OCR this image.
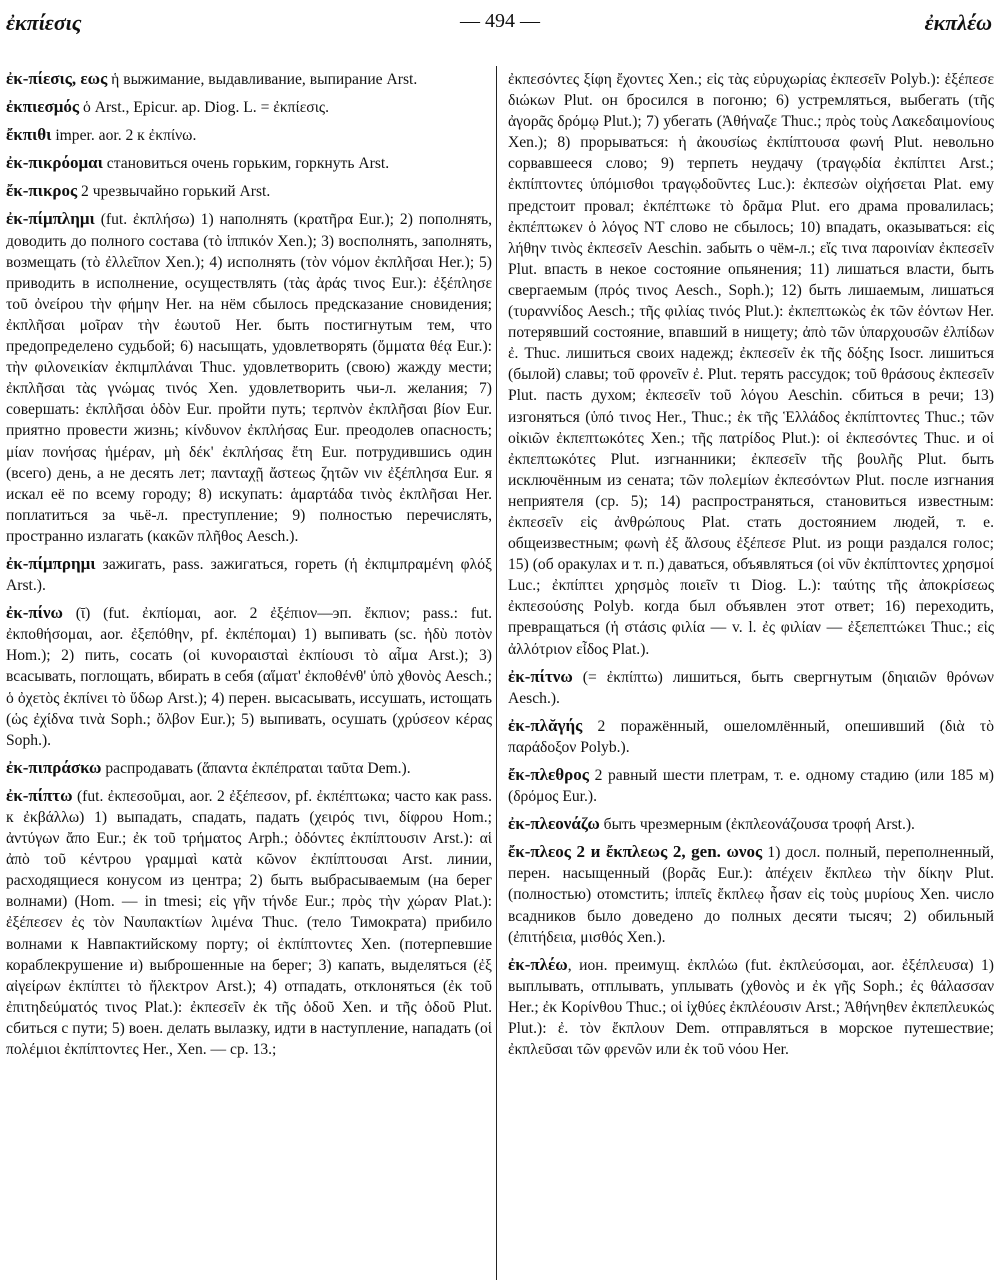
ἐκπίεσις	— 494 —	ἐκπλέω

ἐκ-πίεσις, εως ἡ выжимание, выдавливание, выпирание Arst.

ἐκπιεσμός ὁ Arst., Epicur. ap. Diog. L. = ἐκπίεσις.

ἔκπιθι imper. aor. 2 к ἐκπίνω.

ἐκ-πικρόομαι становиться очень горьким, горкнуть Arst.

ἔκ-πικρος 2 чрезвычайно горький Arst.

ἐκ-πίμπλημι (fut. ἐκπλήσω) 1) наполнять (κρατῆρα Eur.); 2) пополнять, доводить до полного состава (τὸ ἱππικόν Xen.); 3) восполнять, заполнять, возмещать (τὸ ἐλλεῖπον Xen.); 4) исполнять (τὸν νόμον ἐκπλῆσαι Her.); 5) приводить в исполнение, осуществлять (τὰς ἀράς τινος Eur.): ἐξέπλησε τοῦ ὀνείρου τὴν φήμην Her. на нём сбылось предсказание сновидения; ἐκπλῆσαι μοῖραν τὴν ἑωυτοῦ Her. быть постигнутым тем, что предопределено судьбой; 6) насыщать, удовлетворять (ὄμματα θέᾳ Eur.): τὴν φιλονεικίαν ἐκπιμπλάναι Thuc. удовлетворить (свою) жажду мести; ἐκπλῆσαι τὰς γνώμας τινός Xen. удовлетворить чьи-л. желания; 7) совершать: ἐκπλῆσαι ὁδὸν Eur. пройти путь; τερπνὸν ἐκπλῆσαι βίον Eur. приятно провести жизнь; κίνδυνον ἐκπλήσας Eur. преодолев опасность; μίαν πονήσας ἡμέραν, μὴ δέκ' ἐκπλήσας ἔτη Eur. потрудившись один (всего) день, а не десять лет; πανταχῇ ἄστεως ζητῶν νιν ἐξέπλησα Eur. я искал её по всему городу; 8) искупать: ἁμαρτάδα τινὸς ἐκπλῆσαι Her. поплатиться за чьё-л. преступление; 9) полностью перечислять, пространно излагать (κακῶν πλῆθος Aesch.).

ἐκ-πίμπρημι зажигать, pass. зажигаться, гореть (ἡ ἐκπιμπραμένη φλόξ Arst.).

ἐκ-πίνω (ῑ) (fut. ἐκπίομαι, aor. 2 ἐξέπιον—эп. ἔκπιον; pass.: fut. ἐκποθήσομαι, aor. ἐξεπόθην, pf. ἐκπέπομαι) 1) выпивать (sc. ἡδὺ ποτὸν Hom.); 2) пить, сосать (οἱ κυνοραισταὶ ἐκπίουσι τὸ αἷμα Arst.); 3) всасывать, поглощать, вбирать в себя (αἵματ' ἐκποθένθ' ὑπὸ χθονὸς Aesch.; ὁ ὀχετὸς ἐκπίνει τὸ ὕδωρ Arst.); 4) перен. высасывать, иссушать, истощать (ὡς ἐχίδνα τινὰ Soph.; ὄλβον Eur.); 5) выпивать, осушать (χρύσεον κέρας Soph.).

ἐκ-πιπράσκω распродавать (ἅπαντα ἐκπέπραται ταῦτα Dem.).

ἐκ-πίπτω (fut. ἐκπεσοῦμαι, aor. 2 ἐξέπεσον, pf. ἐκπέπτωκα; часто как pass. к ἐκβάλλω) 1) выпадать, спадать, падать (χειρός τινι, δίφρου Hom.; ἀντύγων ἄπο Eur.; ἐκ τοῦ τρήματος Arph.; ὀδόντες ἐκπίπτουσιν Arst.): αἱ ἀπὸ τοῦ κέντρου γραμμαὶ κατὰ κῶνον ἐκπίπτουσαι Arst. линии, расходящиеся конусом из центра; 2) быть выбрасываемым (на берег волнами) (Hom. — in tmesi; εἰς γῆν τήνδε Eur.; πρὸς τὴν χώραν Plat.): ἐξέπεσεν ἐς τὸν Ναυπακτίων λιμένα Thuc. (тело Тимократа) прибило волнами к Навпактийскому порту; οἱ ἐκπίπτοντες Xen. (потерпевшие кораблекрушение и) выброшенные на берег; 3) капать, выделяться (ἐξ αἰγείρων ἐκπίπτει τὸ ἤλεκτρον Arst.); 4) отпадать, отклоняться (ἐκ τοῦ ἐπιτηδεύματός τινος Plat.): ἐκπεσεῖν ἐκ τῆς ὁδοῦ Xen. и τῆς ὁδοῦ Plut. сбиться с пути; 5) воен. делать вылазку, идти в наступление, нападать (οἱ πολέμιοι ἐκπίπτοντες Her., Xen. — ср. 13.;

ἐκπεσόντες ξίφη ἔχοντες Xen.; εἰς τὰς εὐρυχωρίας ἐκπεσεῖν Polyb.): ἐξέπεσε διώκων Plut. он бросился в погоню; 6) устремляться, выбегать (τῆς ἀγορᾶς δρόμῳ Plut.); 7) убегать (Ἀθήναζε Thuc.; πρὸς τοὺς Λακεδαιμονίους Xen.); 8) прорываться: ἡ ἀκουσίως ἐκπίπτουσα φωνή Plut. невольно сорвавшееся слово; 9) терпеть неудачу (τραγῳδία ἐκπίπτει Arst.; ἐκπίπτοντες ὑπόμισθοι τραγῳδοῦντες Luc.): ἐκπεσὼν οἰχήσεται Plat. ему предстоит провал; ἐκπέπτωκε τὸ δρᾶμα Plut. его драма провалилась; ἐκπέπτωκεν ὁ λόγος NT слово не сбылось; 10) впадать, оказываться: εἰς λήθην τινὸς ἐκπεσεῖν Aeschin. забыть о чём-л.; εἴς τινα παροινίαν ἐκπεσεῖν Plut. впасть в некое состояние опьянения; 11) лишаться власти, быть свергаемым (πρός τινος Aesch., Soph.); 12) быть лишаемым, лишаться (τυραννίδος Aesch.; τῆς φιλίας τινός Plut.): ἐκπεπτωκὼς ἐκ τῶν ἐόντων Her. потерявший состояние, впавший в нищету; ἀπὸ τῶν ὑπαρχουσῶν ἐλπίδων ἐ. Thuc. лишиться своих надежд; ἐκπεσεῖν ἐκ τῆς δόξης Isocr. лишиться (былой) славы; τοῦ φρονεῖν ἐ. Plut. терять рассудок; τοῦ θράσους ἐκπεσεῖν Plut. пасть духом; ἐκπεσεῖν τοῦ λόγου Aeschin. сбиться в речи; 13) изгоняться (ὑπό τινος Her., Thuc.; ἐκ τῆς Ἑλλάδος ἐκπίπτοντες Thuc.; τῶν οἰκιῶν ἐκπεπτωκότες Xen.; τῆς πατρίδος Plut.): οἱ ἐκπεσόντες Thuc. и οἱ ἐκπεπτωκότες Plut. изгнанники; ἐκπεσεῖν τῆς βουλῆς Plut. быть исключённым из сената; τῶν πολεμίων ἐκπεσόντων Plut. после изгнания неприятеля (ср. 5); 14) распространяться, становиться известным: ἐκπεσεῖν εἰς ἀνθρώπους Plat. стать достоянием людей, т. е. общеизвестным; φωνὴ ἐξ ἄλσους ἐξέπεσε Plut. из рощи раздался голос; 15) (об оракулах и т. п.) даваться, объявляться (οἱ νῦν ἐκπίπτοντες χρησμοί Luc.; ἐκπίπτει χρησμὸς ποιεῖν τι Diog. L.): ταύτης τῆς ἀποκρίσεως ἐκπεσούσης Polyb. когда был объявлен этот ответ; 16) переходить, превращаться (ἡ στάσις φιλία — v. l. ἐς φιλίαν — ἐξεπεπτώκει Thuc.; εἰς ἀλλότριον εἶδος Plat.).

ἐκ-πίτνω (= ἐκπίπτω) лишиться, быть свергнутым (δηιαιῶν θρόνων Aesch.).

ἐκ-πλᾰγής 2 поражённый, ошеломлённый, опешивший (διὰ τὸ παράδοξον Polyb.).

ἔκ-πλεθρος 2 равный шести плетрам, т. е. одному стадию (или 185 м) (δρόμος Eur.).

ἐκ-πλεονάζω быть чрезмерным (ἐκπλεονάζουσα τροφή Arst.).

ἔκ-πλεος 2 и ἔκπλεως 2, gen. ωνος 1) досл. полный, переполненный, перен. насыщенный (βορᾶς Eur.): ἀπέχειν ἔκπλεω τὴν δίκην Plut. (полностью) отомстить; ἱππεῖς ἔκπλεῳ ἦσαν εἰς τοὺς μυρίους Xen. число всадников было доведено до полных десяти тысяч; 2) обильный (ἐπιτήδεια, μισθός Xen.).

ἐκ-πλέω, ион. преимущ. ἐκπλώω (fut. ἐκπλεύσομαι, aor. ἐξέπλευσα) 1) выплывать, отплывать, уплывать (χθονὸς и ἐκ γῆς Soph.; ἐς θάλασσαν Her.; ἐκ Κορίνθου Thuc.; οἱ ἰχθύες ἐκπλέουσιν Arst.; Ἀθήνηθεν ἐκπεπλευκώς Plut.): ἐ. τὸν ἔκπλουν Dem. отправляться в морское путешествие; ἐκπλεῦσαι τῶν φρενῶν или ἐκ τοῦ νόου Her.
